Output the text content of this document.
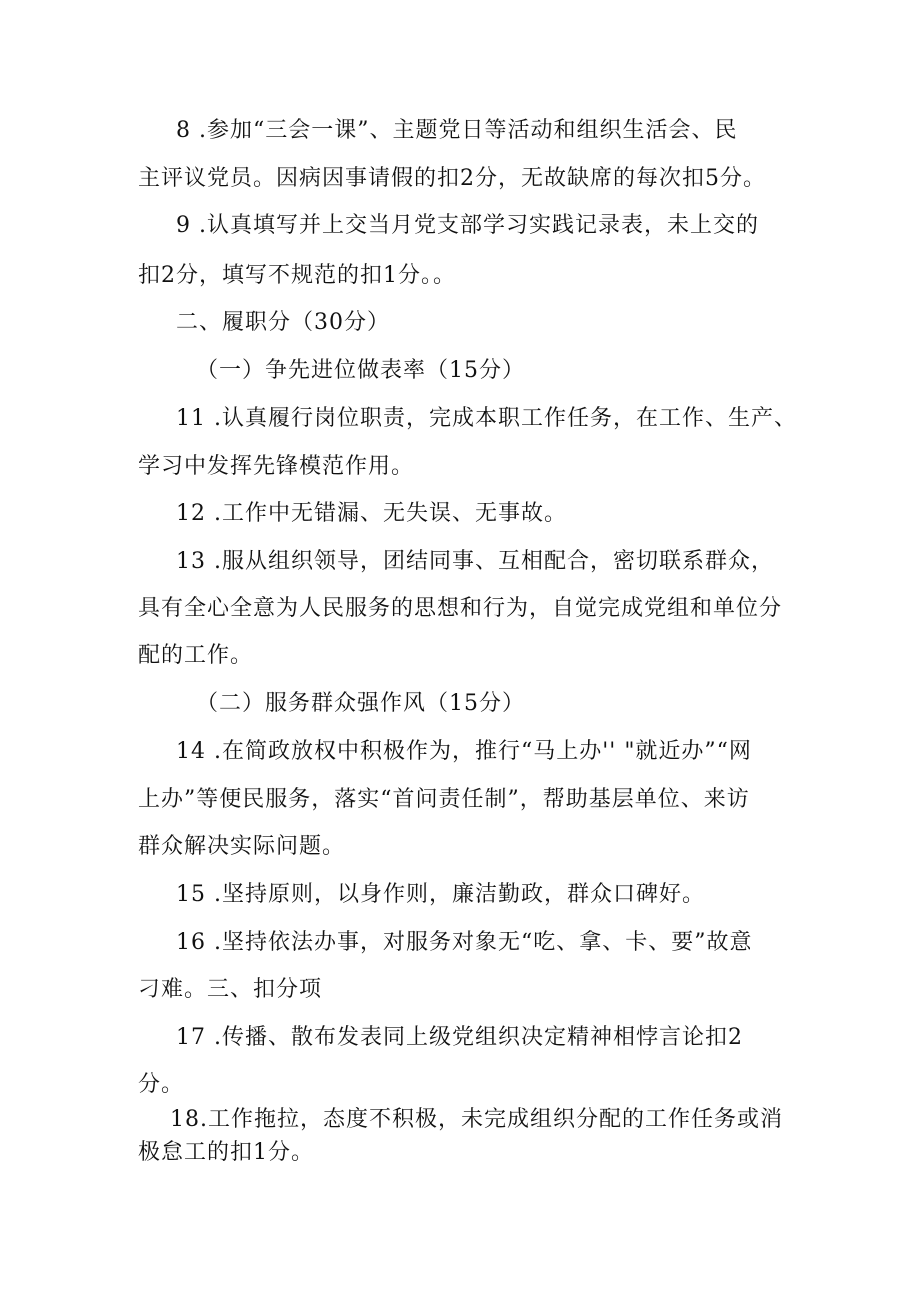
8 .参加“三会一课”、主题党日等活动和组织生活会、民

主评议党员。因病因事请假的扣2分，无故缺席的每次扣5分。

9 .认真填写并上交当月党支部学习实践记录表，未上交的

扣2分，填写不规范的扣1分。。

二、履职分（30分）

（一）争先进位做表率（15分）

11 .认真履行岗位职责，完成本职工作任务，在工作、生产、

学习中发挥先锋模范作用。

12 .工作中无错漏、无失误、无事故。

13 .服从组织领导，团结同事、互相配合，密切联系群众，

具有全心全意为人民服务的思想和行为，自觉完成党组和单位分

配的工作。

（二）服务群众强作风（15分）

14 .在简政放权中积极作为，推行“马上办'' "就近办”“网

上办”等便民服务，落实“首问责任制”，帮助基层单位、来访

群众解决实际问题。

15 .坚持原则，以身作则，廉洁勤政，群众口碑好。

16 .坚持依法办事，对服务对象无“吃、拿、卡、要”故意

刁难。三、扣分项

17 .传播、散布发表同上级党组织决定精神相悖言论扣2

分。

18.工作拖拉，态度不积极，未完成组织分配的工作任务或消

极怠工的扣1分。
